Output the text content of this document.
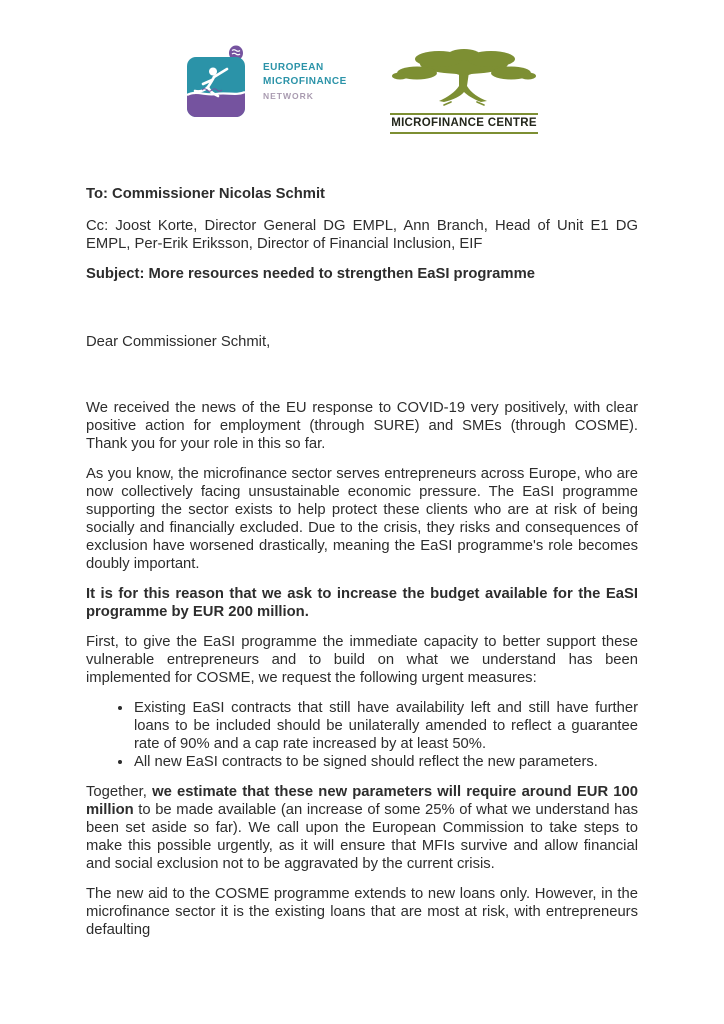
EUROPEAN
MICROFINANCE
NETWORK
MICROFINANCE CENTRE

To: Commissioner Nicolas Schmit

Cc: Joost Korte, Director General DG EMPL, Ann Branch, Head of Unit E1 DG EMPL, Per-Erik Eriksson, Director of Financial Inclusion, EIF

Subject: More resources needed to strengthen EaSI programme

Dear Commissioner Schmit,

We received the news of the EU response to COVID-19 very positively, with clear positive action for employment (through SURE) and SMEs (through COSME). Thank you for your role in this so far.

As you know, the microfinance sector serves entrepreneurs across Europe, who are now collectively facing unsustainable economic pressure. The EaSI programme supporting the sector exists to help protect these clients who are at risk of being socially and financially excluded. Due to the crisis, they risks and consequences of exclusion have worsened drastically, meaning the EaSI programme's role becomes doubly important.

It is for this reason that we ask to increase the budget available for the EaSI programme by EUR 200 million.

First, to give the EaSI programme the immediate capacity to better support these vulnerable entrepreneurs and to build on what we understand has been implemented for COSME, we request the following urgent measures:

• Existing EaSI contracts that still have availability left and still have further loans to be included should be unilaterally amended to reflect a guarantee rate of 90% and a cap rate increased by at least 50%.
• All new EaSI contracts to be signed should reflect the new parameters.

Together, we estimate that these new parameters will require around EUR 100 million to be made available (an increase of some 25% of what we understand has been set aside so far). We call upon the European Commission to take steps to make this possible urgently, as it will ensure that MFIs survive and allow financial and social exclusion not to be aggravated by the current crisis.

The new aid to the COSME programme extends to new loans only. However, in the microfinance sector it is the existing loans that are most at risk, with entrepreneurs defaulting
